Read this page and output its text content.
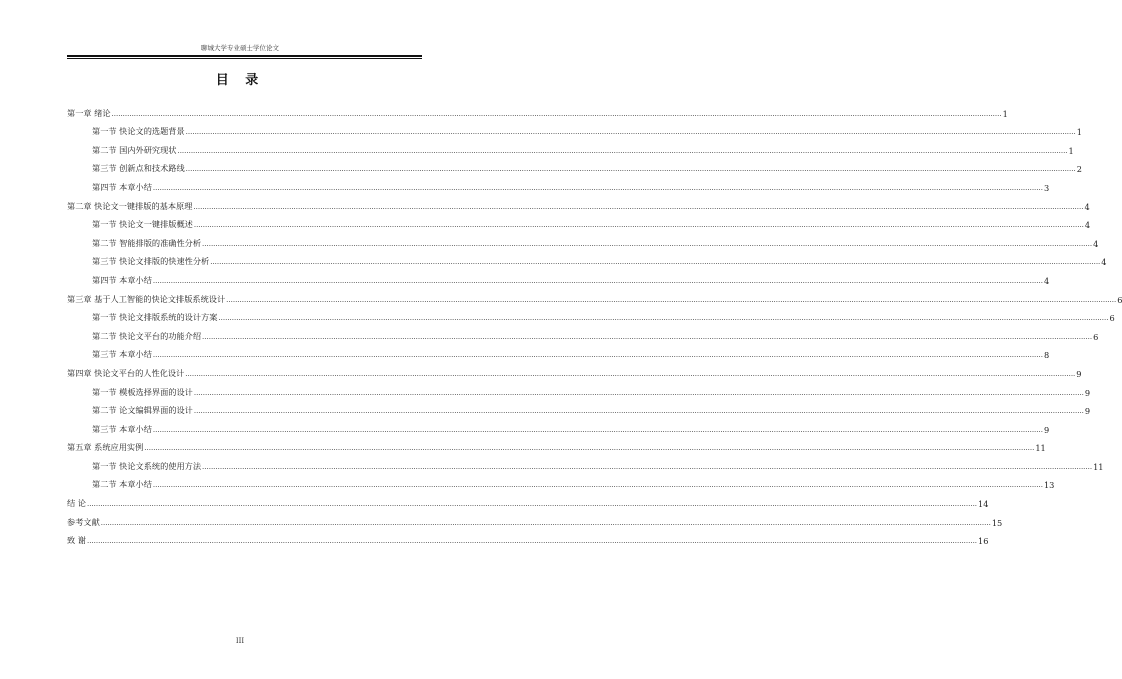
聊城大学专业硕士学位论文
目 录
第一章 绪论 ................................................................................................................................................................................................................................................................................................................................................................................................................ 1
第一节 快论文的选题背景 ................................................................................................................................................................................................................................................................................................................................................................................................................ 1
第二节 国内外研究现状 ................................................................................................................................................................................................................................................................................................................................................................................................................ 1
第三节 创新点和技术路线 ................................................................................................................................................................................................................................................................................................................................................................................................................ 2
第四节 本章小结 ................................................................................................................................................................................................................................................................................................................................................................................................................ 3
第二章 快论文一键排版的基本原理 ................................................................................................................................................................................................................................................................................................................................................................................................................ 4
第一节 快论文一键排版概述 ................................................................................................................................................................................................................................................................................................................................................................................................................ 4
第二节 智能排版的准确性分析 ................................................................................................................................................................................................................................................................................................................................................................................................................ 4
第三节 快论文排版的快速性分析 ................................................................................................................................................................................................................................................................................................................................................................................................................ 4
第四节 本章小结 ................................................................................................................................................................................................................................................................................................................................................................................................................ 4
第三章 基于人工智能的快论文排版系统设计 ................................................................................................................................................................................................................................................................................................................................................................................................................ 6
第一节 快论文排版系统的设计方案 ................................................................................................................................................................................................................................................................................................................................................................................................................ 6
第二节 快论文平台的功能介绍 ................................................................................................................................................................................................................................................................................................................................................................................................................ 6
第三节 本章小结 ................................................................................................................................................................................................................................................................................................................................................................................................................ 8
第四章 快论文平台的人性化设计 ................................................................................................................................................................................................................................................................................................................................................................................................................ 9
第一节 模板选择界面的设计 ................................................................................................................................................................................................................................................................................................................................................................................................................ 9
第二节 论文编辑界面的设计 ................................................................................................................................................................................................................................................................................................................................................................................................................ 9
第三节 本章小结 ................................................................................................................................................................................................................................................................................................................................................................................................................ 9
第五章 系统应用实例 ................................................................................................................................................................................................................................................................................................................................................................................................................ 11
第一节 快论文系统的使用方法 ................................................................................................................................................................................................................................................................................................................................................................................................................ 11
第二节 本章小结 ................................................................................................................................................................................................................................................................................................................................................................................................................ 13
结 论 ................................................................................................................................................................................................................................................................................................................................................................................................................ 14
参考文献 ................................................................................................................................................................................................................................................................................................................................................................................................................ 15
致 谢 ................................................................................................................................................................................................................................................................................................................................................................................................................ 16
III
